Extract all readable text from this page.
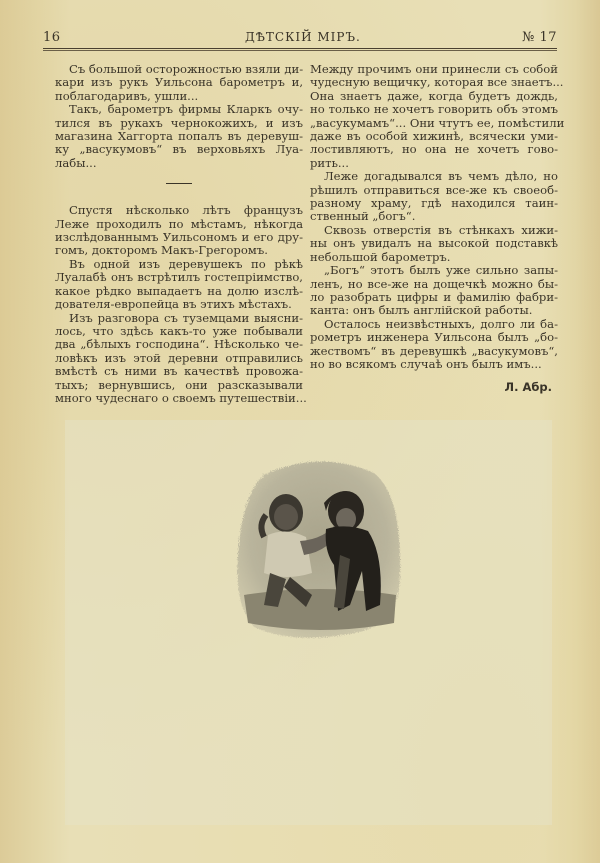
16	ДѢТСКІЙ МІРЪ.	№ 17

Съ большой осторожностью взяли ди-
кари изъ рукъ Уильсона барометръ и,
поблагодаривъ, ушли...

Такъ, барометръ фирмы Кларкъ очу-
тился въ рукахъ чернокожихъ, и изъ
магазина Хаггорта попалъ въ деревуш-
ку „васукумовъ“ въ верховьяхъ Луа-
лабы...

Спустя нѣсколько лѣтъ французъ
Леже проходилъ по мѣстамъ, нѣкогда
изслѣдованнымъ Уильсономъ и его дру-
гомъ, докторомъ Макъ-Грегоромъ.

Въ одной изъ деревушекъ по рѣкѣ
Луалабѣ онъ встрѣтилъ гостепріимство,
какое рѣдко выпадаетъ на долю изслѣ-
дователя-европейца въ этихъ мѣстахъ.

Изъ разговора съ туземцами выясни-
лось, что здѣсь какъ-то уже побывали
два „бѣлыхъ господина“. Нѣсколько че-
ловѣкъ изъ этой деревни отправились
вмѣстѣ съ ними въ качествѣ провожа-
тыхъ; вернувшись, они разсказывали
много чудеснаго о своемъ путешествіи...

Между прочимъ они принесли съ собой
чудесную вещичку, которая все знаетъ...
Она знаетъ даже, когда будетъ дождь,
но только не хочетъ говорить объ этомъ
„васукумамъ“... Они чтутъ ее, помѣстили
даже въ особой хижинѣ, всячески уми-
лостивляютъ, но она не хочетъ гово-
рить...

Леже догадывался въ чемъ дѣло, но
рѣшилъ отправиться все-же къ своеоб-
разному храму, гдѣ находился таин-
ственный „богъ“.

Сквозь отверстія въ стѣнкахъ хижи-
ны онъ увидалъ на высокой подставкѣ
небольшой барометръ.

„Богъ“ этотъ былъ уже сильно запы-
ленъ, но все-же на дощечкѣ можно бы-
ло разобрать цифры и фамилію фабри-
канта: онъ былъ англійской работы.

Осталось неизвѣстныхъ, долго ли ба-
рометръ инженера Уильсона былъ „бо-
жествомъ“ въ деревушкѣ „васукумовъ“,
но во всякомъ случаѣ онъ былъ имъ...

Л. Абр.
